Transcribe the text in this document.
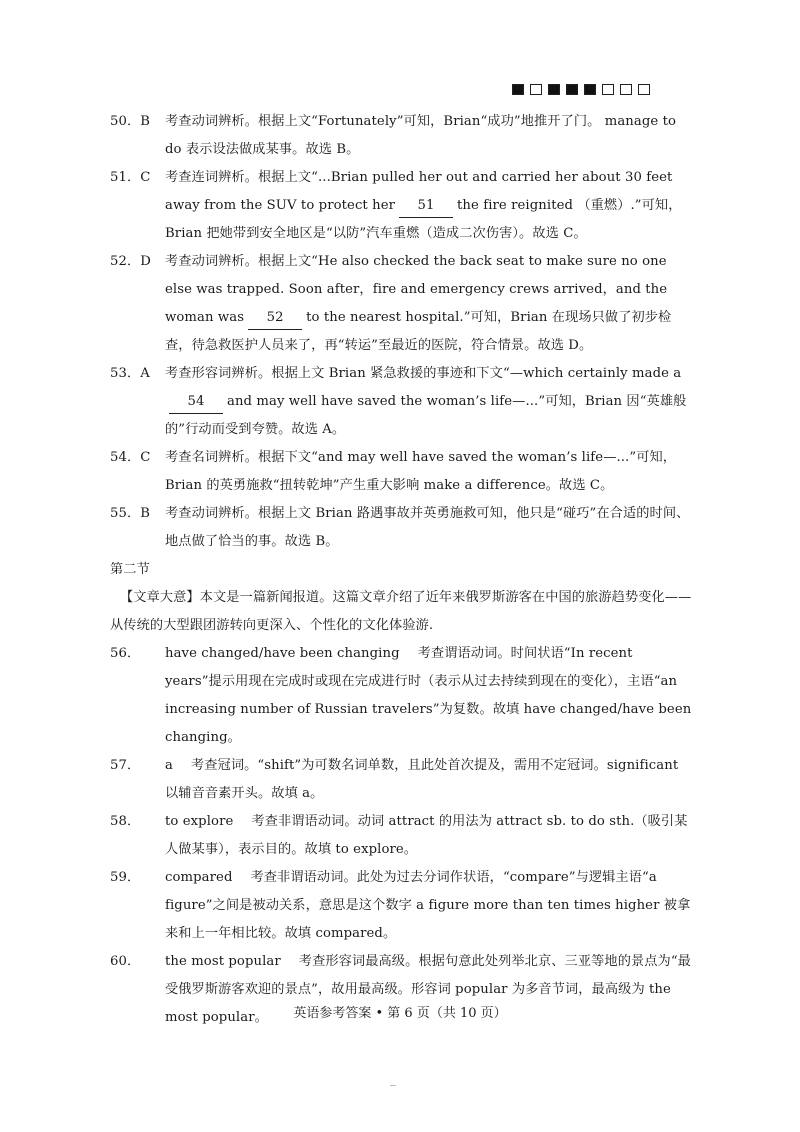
50．B	考查动词辨析。根据上文“Fortunately”可知，Brian“成功”地推开了门。 manage to do 表示设法做成某事。故选 B。
51．C	考查连词辨析。根据上文“...Brian pulled her out and carried her about 30 feet away from the SUV to protect her 51 the fire reignited （重燃）.”可知，Brian 把她带到安全地区是“以防”汽车重燃（造成二次伤害）。故选 C。
52．D	考查动词辨析。根据上文“He also checked the back seat to make sure no one else was trapped. Soon after，fire and emergency crews arrived，and the woman was 52 to the nearest hospital.”可知，Brian 在现场只做了初步检查，待急救医护人员来了，再“转运”至最近的医院，符合情景。故选 D。
53．A	考查形容词辨析。根据上文 Brian 紧急救援的事迹和下文“—which certainly made a54 and may well have saved the woman’s life—...”可知，Brian 因“英雄般的”行动而受到夸赞。故选 A。
54．C	考查名词辨析。根据下文“and may well have saved the woman’s life—...”可知，Brian 的英勇施救“扭转乾坤”产生重大影响 make a difference。故选 C。
55．B	考查动词辨析。根据上文 Brian 路遇事故并英勇施救可知，他只是“碰巧”在合适的时间、地点做了恰当的事。故选 B。
第二节
【文章大意】本文是一篇新闻报道。这篇文章介绍了近年来俄罗斯游客在中国的旅游趋势变化——从传统的大型跟团游转向更深入、个性化的文化体验游.
56．	have changed/have been changing 考查谓语动词。时间状语“In recent years”提示用现在完成时或现在完成进行时（表示从过去持续到现在的变化），主语“an increasing number of Russian travelers”为复数。故填 have changed/have been changing。
57．	a 考查冠词。“shift”为可数名词单数，且此处首次提及，需用不定冠词。significant 以辅音音素开头。故填 a。
58．	to explore 考查非谓语动词。动词 attract 的用法为 attract sb. to do sth.（吸引某人做某事），表示目的。故填 to explore。
59．	compared 考查非谓语动词。此处为过去分词作状语，“compare”与逻辑主语“a figure”之间是被动关系，意思是这个数字 a figure more than ten times higher 被拿来和上一年相比较。故填 compared。
60．	the most popular 考查形容词最高级。根据句意此处列举北京、三亚等地的景点为“最受俄罗斯游客欢迎的景点”，故用最高级。形容词 popular 为多音节词，最高级为 the most popular。	英语参考答案 • 第 6 页（共 10 页）
